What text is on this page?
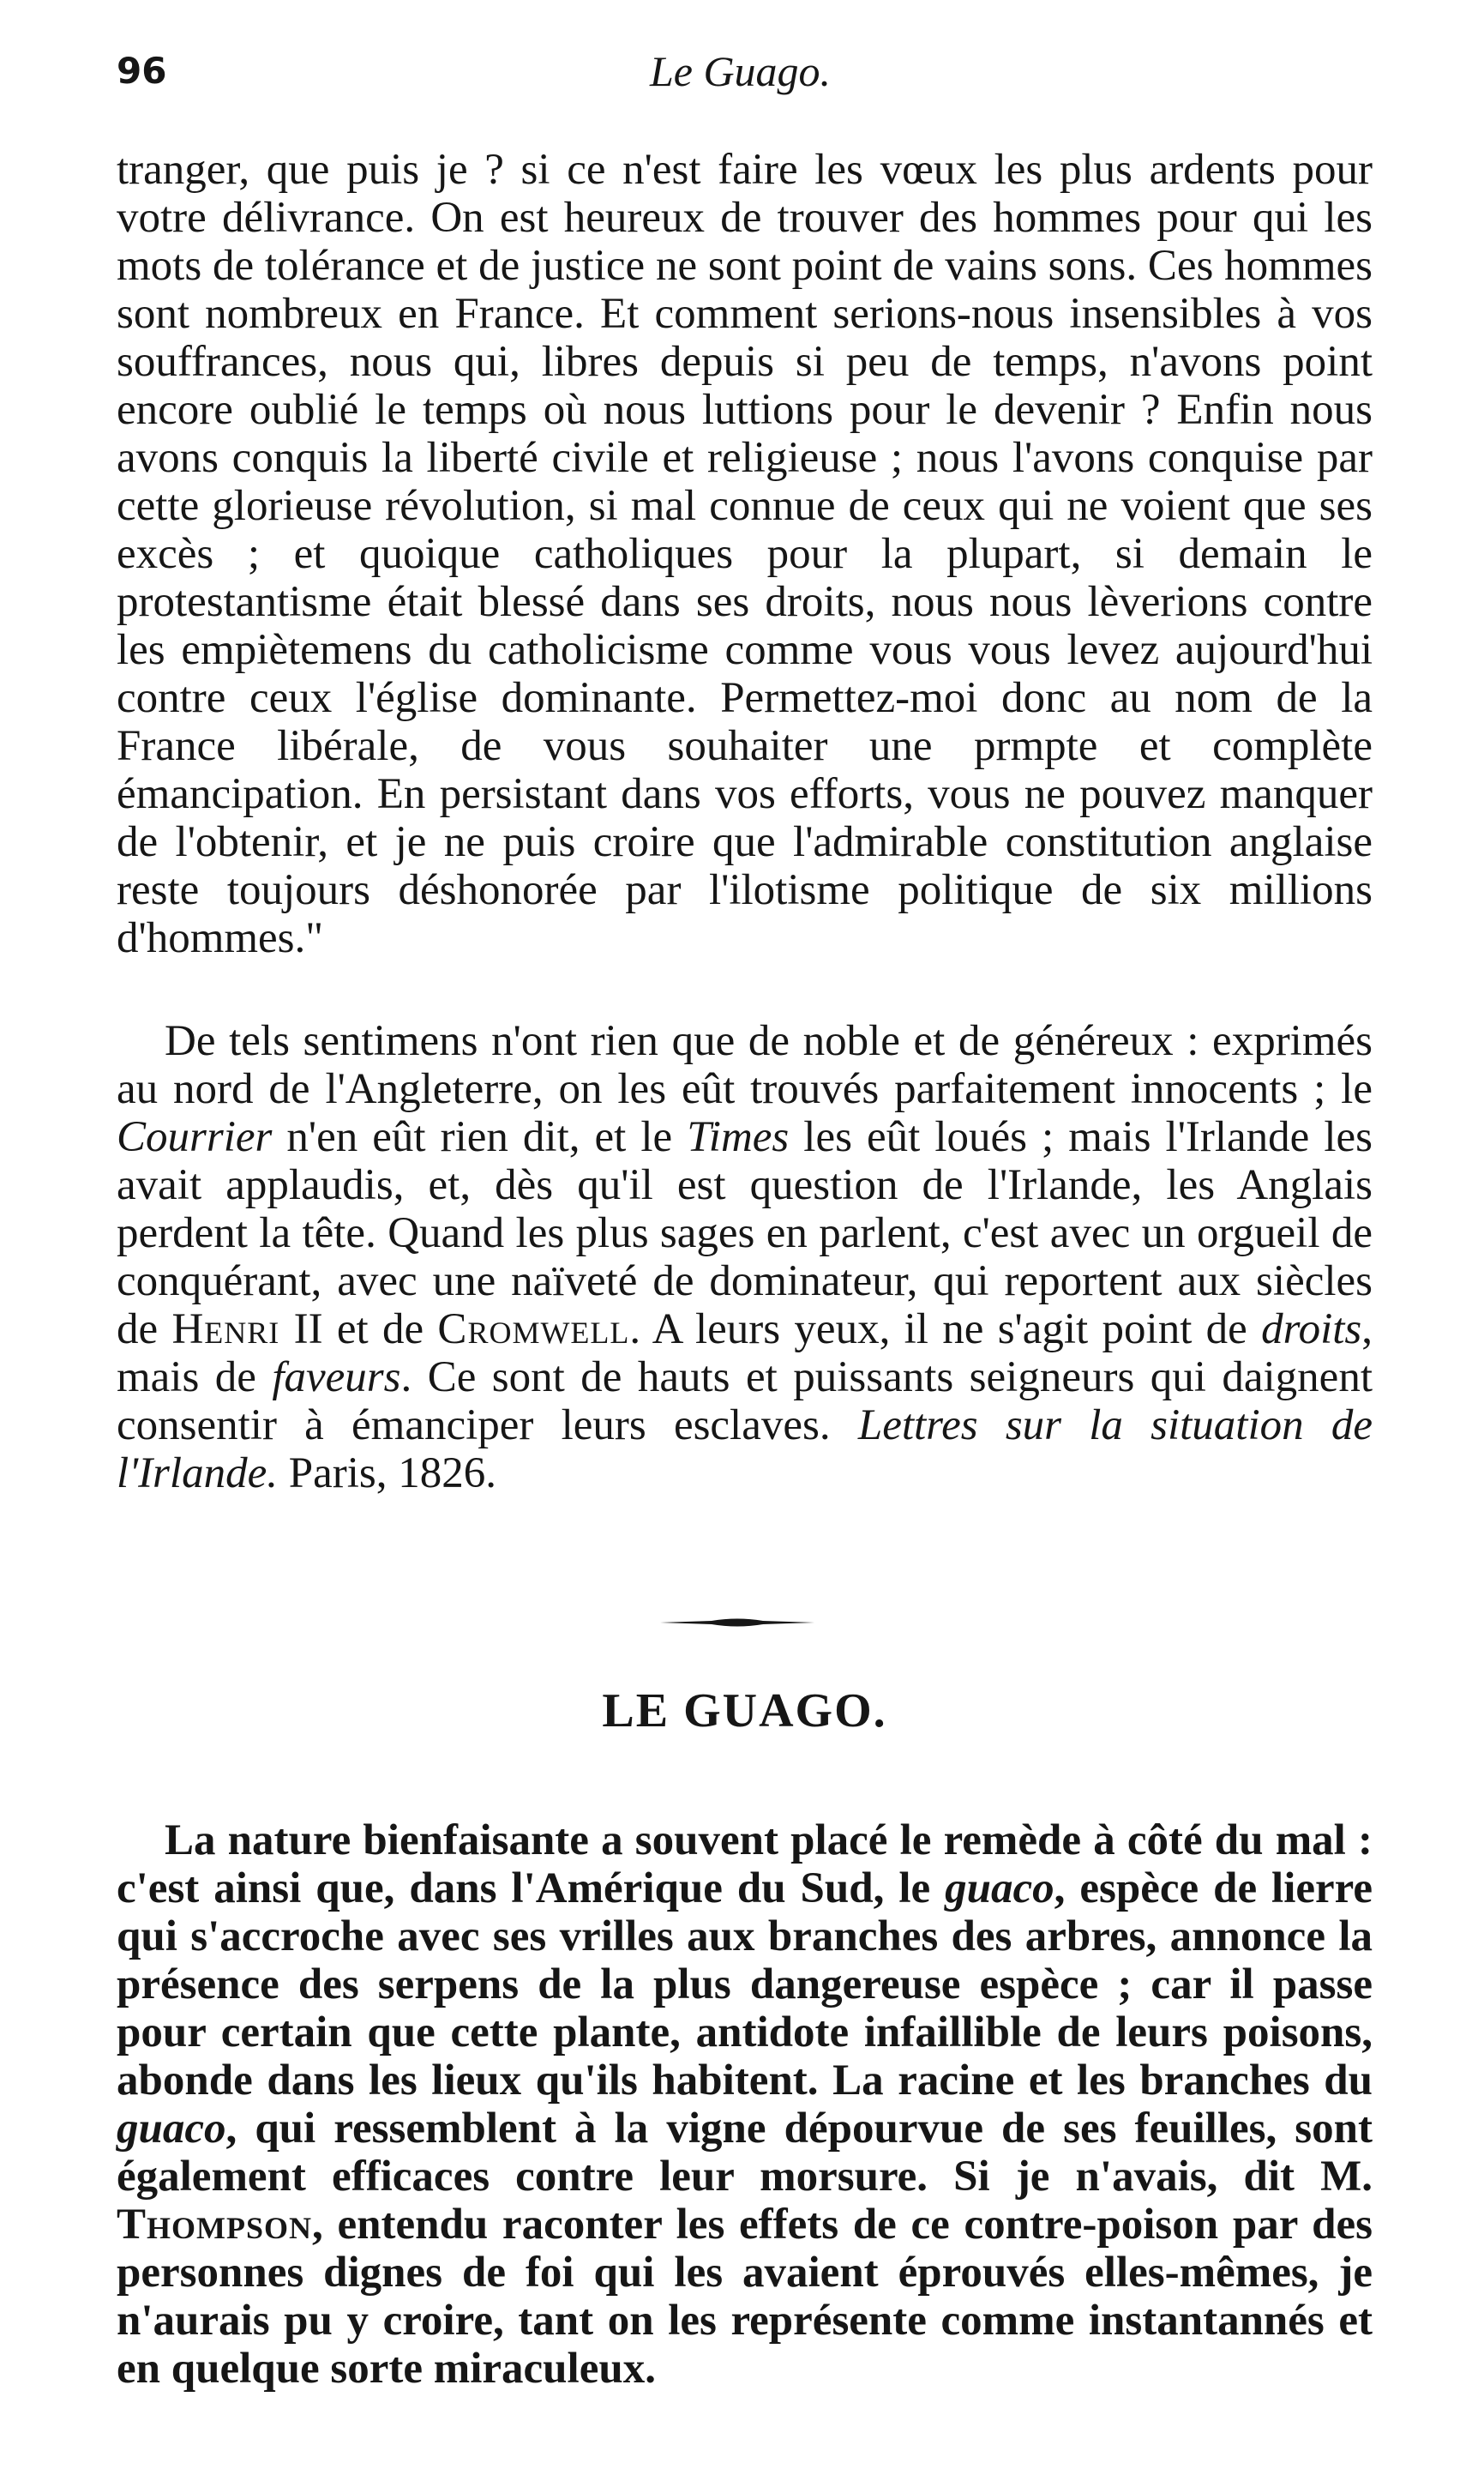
96	Le Guago.

tranger, que puis je ? si ce n'est faire les vœux les plus ardents pour votre délivrance. On est heureux de trouver des hommes pour qui les mots de tolérance et de justice ne sont point de vains sons. Ces hommes sont nombreux en France. Et comment serions-nous insensibles à vos souffrances, nous qui, libres depuis si peu de temps, n'avons point encore oublié le temps où nous luttions pour le devenir ? Enfin nous avons conquis la liberté civile et religieuse ; nous l'avons conquise par cette glorieuse révolution, si mal connue de ceux qui ne voient que ses excès ; et quoique catholiques pour la plupart, si demain le protestantisme était blessé dans ses droits, nous nous lèverions contre les empiètemens du catholicisme comme vous vous levez aujourd'hui contre ceux l'église dominante. Permettez-moi donc au nom de la France libérale, de vous souhaiter une prmpte et complète émancipation. En persistant dans vos efforts, vous ne pouvez manquer de l'obtenir, et je ne puis croire que l'admirable constitution anglaise reste toujours déshonorée par l'ilotisme politique de six millions d'hommes."

De tels sentimens n'ont rien que de noble et de généreux : exprimés au nord de l'Angleterre, on les eût trouvés parfaitement innocents ; le Courrier n'en eût rien dit, et le Times les eût loués ; mais l'Irlande les avait applaudis, et, dès qu'il est question de l'Irlande, les Anglais perdent la tête. Quand les plus sages en parlent, c'est avec un orgueil de conquérant, avec une naïveté de dominateur, qui reportent aux siècles de Henri II et de Cromwell. A leurs yeux, il ne s'agit point de droits, mais de faveurs. Ce sont de hauts et puissants seigneurs qui daignent consentir à émanciper leurs esclaves. Lettres sur la situation de l'Irlande. Paris, 1826.

LE GUAGO.

La nature bienfaisante a souvent placé le remède à côté du mal : c'est ainsi que, dans l'Amérique du Sud, le guaco, espèce de lierre qui s'accroche avec ses vrilles aux branches des arbres, annonce la présence des serpens de la plus dangereuse espèce ; car il passe pour certain que cette plante, antidote infaillible de leurs poisons, abonde dans les lieux qu'ils habitent. La racine et les branches du guaco, qui ressemblent à la vigne dépourvue de ses feuilles, sont également efficaces contre leur morsure. Si je n'avais, dit M. Thompson, entendu raconter les effets de ce contre-poison par des personnes dignes de foi qui les avaient éprouvés elles-mêmes, je n'aurais pu y croire, tant on les représente comme instantannés et en quelque sorte miraculeux.
